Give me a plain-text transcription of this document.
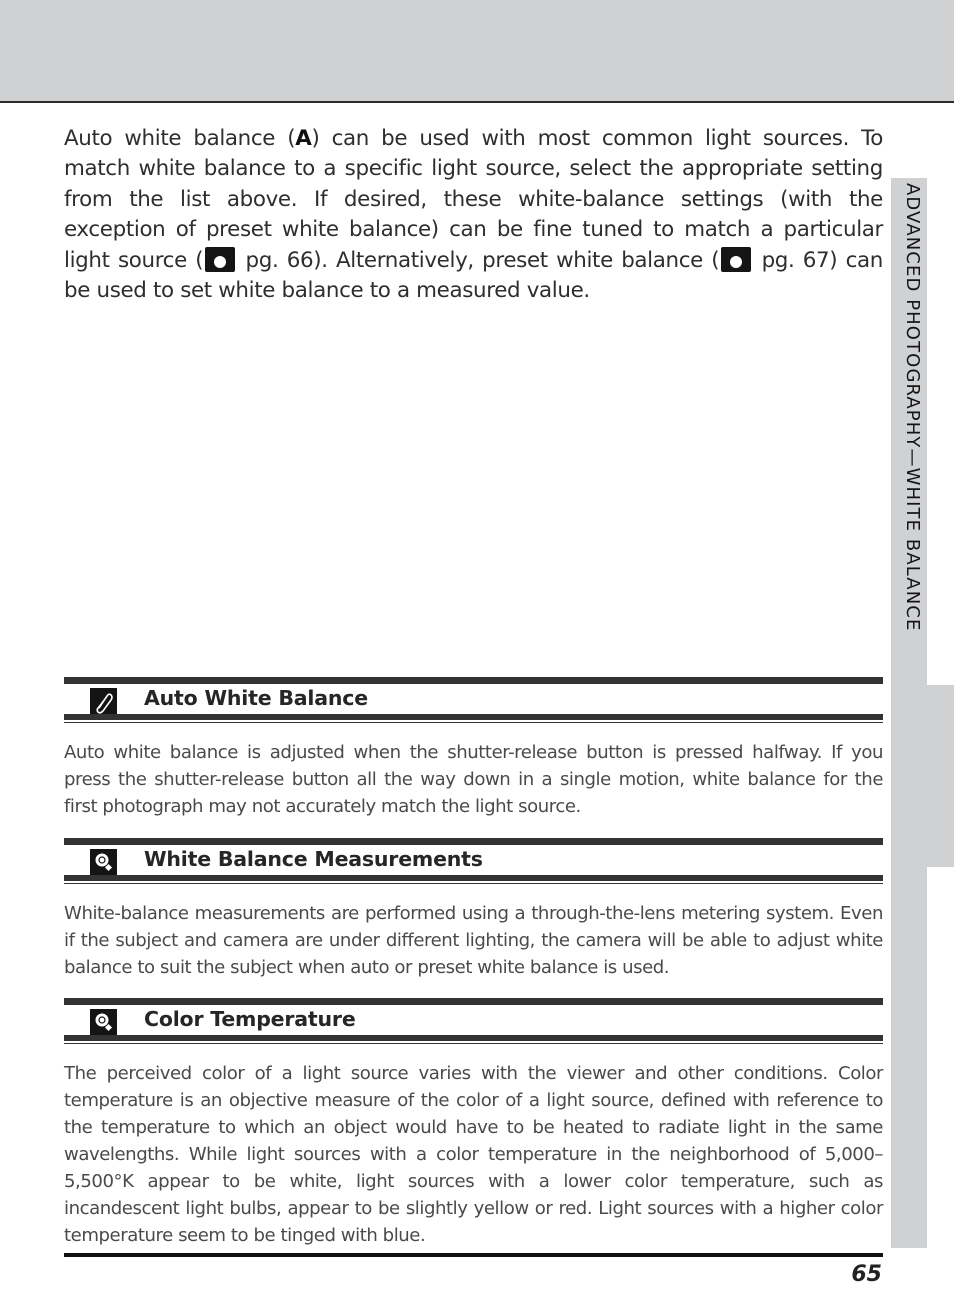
Auto white balance (A) can be used with most common light sources. To match white balance to a specific light source, select the appropriate setting from the list above. If desired, these white-balance settings (with the exception of preset white balance) can be fine tuned to match a particular light source ( pg. 66). Alternatively, preset white balance ( pg. 67) can be used to set white balance to a measured value.	ADVANCED PHOTOGRAPHY—WHITE BALANCE
Auto White Balance
Auto white balance is adjusted when the shutter-release button is pressed halfway. If you press the shutter-release button all the way down in a single motion, white balance for the first photograph may not accurately match the light source.
White Balance Measurements
White-balance measurements are performed using a through-the-lens metering system. Even if the subject and camera are under different lighting, the camera will be able to adjust white balance to suit the subject when auto or preset white balance is used.
Color Temperature
The perceived color of a light source varies with the viewer and other conditions. Color temperature is an objective measure of the color of a light source, defined with reference to the temperature to which an object would have to be heated to radiate light in the same wavelengths. While light sources with a color temperature in the neighborhood of 5,000–5,500°K appear to be white, light sources with a lower color temperature, such as incandescent light bulbs, appear to be slightly yellow or red. Light sources with a higher color temperature seem to be tinged with blue.
65
